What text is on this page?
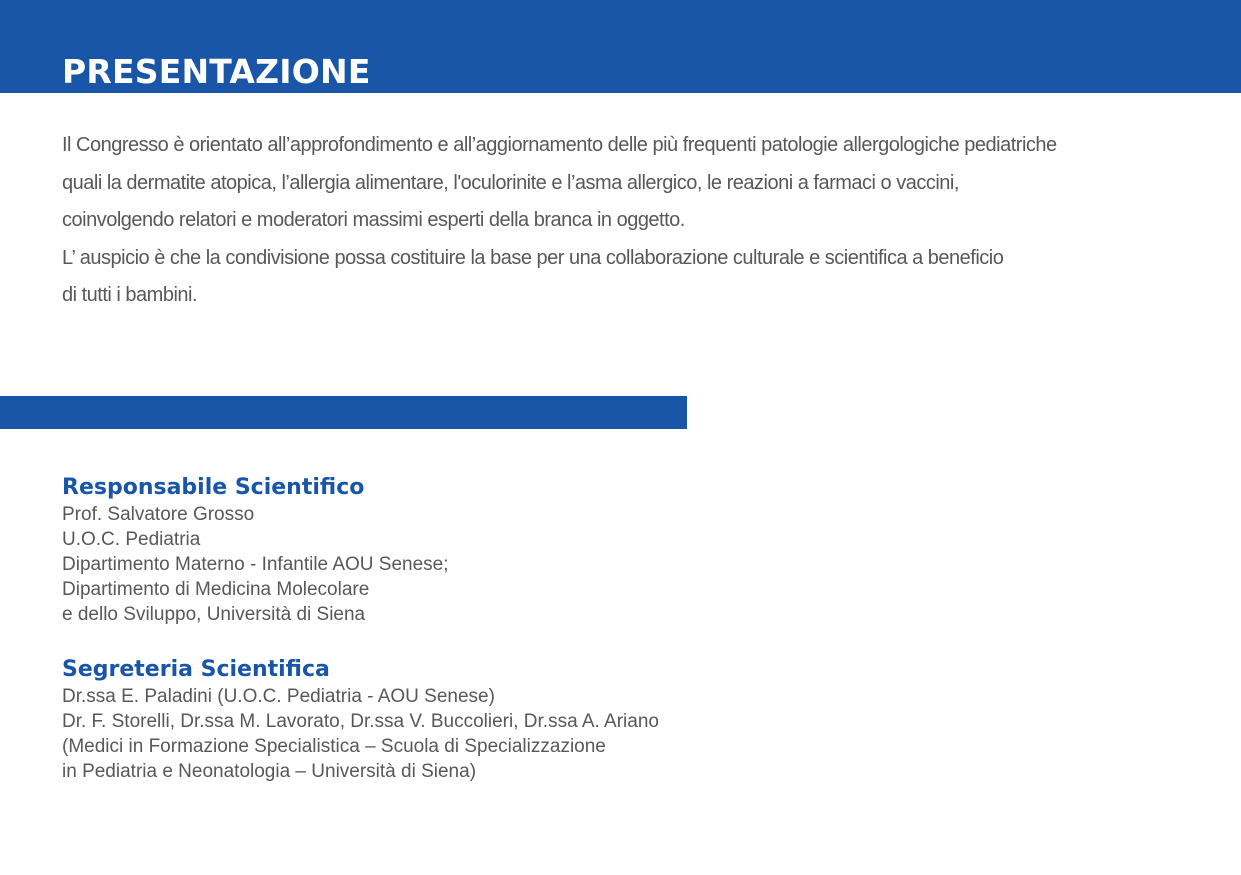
PRESENTAZIONE
Il Congresso è orientato all’approfondimento e all’aggiornamento delle più frequenti patologie allergologiche pediatriche
quali la dermatite atopica, l’allergia alimentare, l'oculorinite e l’asma allergico, le reazioni a farmaci o vaccini,
coinvolgendo relatori e moderatori massimi esperti della branca in oggetto.
L’ auspicio è che la condivisione possa costituire la base per una collaborazione culturale e scientifica a beneficio
di tutti i bambini.
Responsabile Scientifico
Prof. Salvatore Grosso
U.O.C. Pediatria
Dipartimento Materno - Infantile AOU Senese;
Dipartimento di Medicina Molecolare
e dello Sviluppo, Università di Siena
Segreteria Scientifica
Dr.ssa E. Paladini (U.O.C. Pediatria - AOU Senese)
Dr. F. Storelli, Dr.ssa M. Lavorato, Dr.ssa V. Buccolieri, Dr.ssa A. Ariano
(Medici in Formazione Specialistica – Scuola di Specializzazione
in Pediatria e Neonatologia – Università di Siena)
